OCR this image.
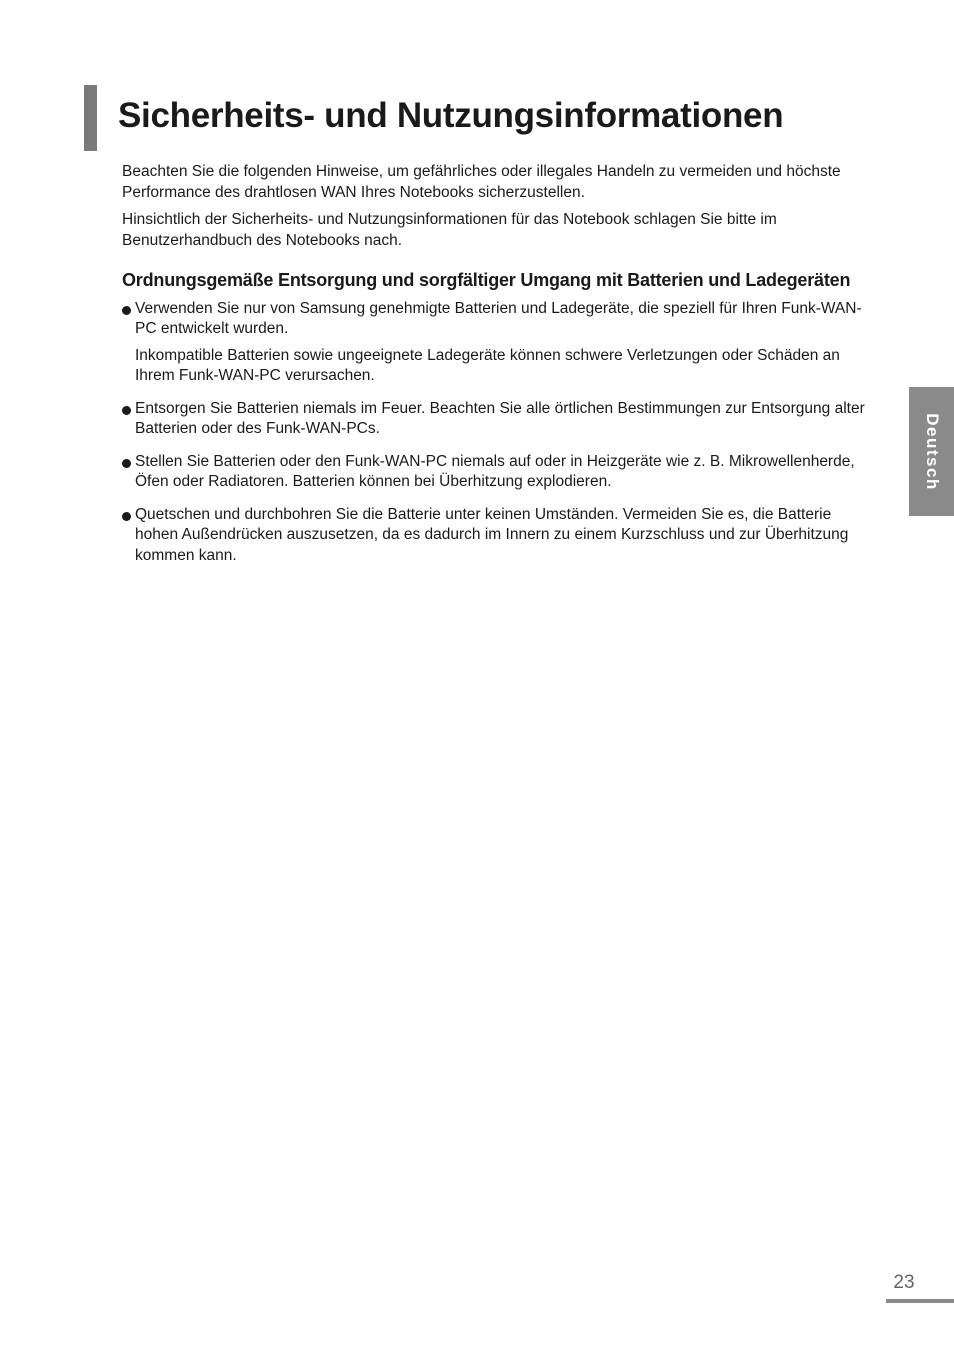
Sicherheits- und Nutzungsinformationen

Beachten Sie die folgenden Hinweise, um gefährliches oder illegales Handeln zu vermeiden und höchste Performance des drahtlosen WAN Ihres Notebooks sicherzustellen.

Hinsichtlich der Sicherheits- und Nutzungsinformationen für das Notebook schlagen Sie bitte im Benutzerhandbuch des Notebooks nach.

Ordnungsgemäße Entsorgung und sorgfältiger Umgang mit Batterien und Ladegeräten

Verwenden Sie nur von Samsung genehmigte Batterien und Ladegeräte, die speziell für Ihren Funk-WAN-PC entwickelt wurden.

Inkompatible Batterien sowie ungeeignete Ladegeräte können schwere Verletzungen oder Schäden an Ihrem Funk-WAN-PC verursachen.

Entsorgen Sie Batterien niemals im Feuer. Beachten Sie alle örtlichen Bestimmungen zur Entsorgung alter Batterien oder des Funk-WAN-PCs.

Stellen Sie Batterien oder den Funk-WAN-PC niemals auf oder in Heizgeräte wie z. B. Mikrowellenherde, Öfen oder Radiatoren. Batterien können bei Überhitzung explodieren.

Quetschen und durchbohren Sie die Batterie unter keinen Umständen. Vermeiden Sie es, die Batterie hohen Außendrücken auszusetzen, da es dadurch im Innern zu einem Kurzschluss und zur Überhitzung kommen kann.

Deutsch
23
